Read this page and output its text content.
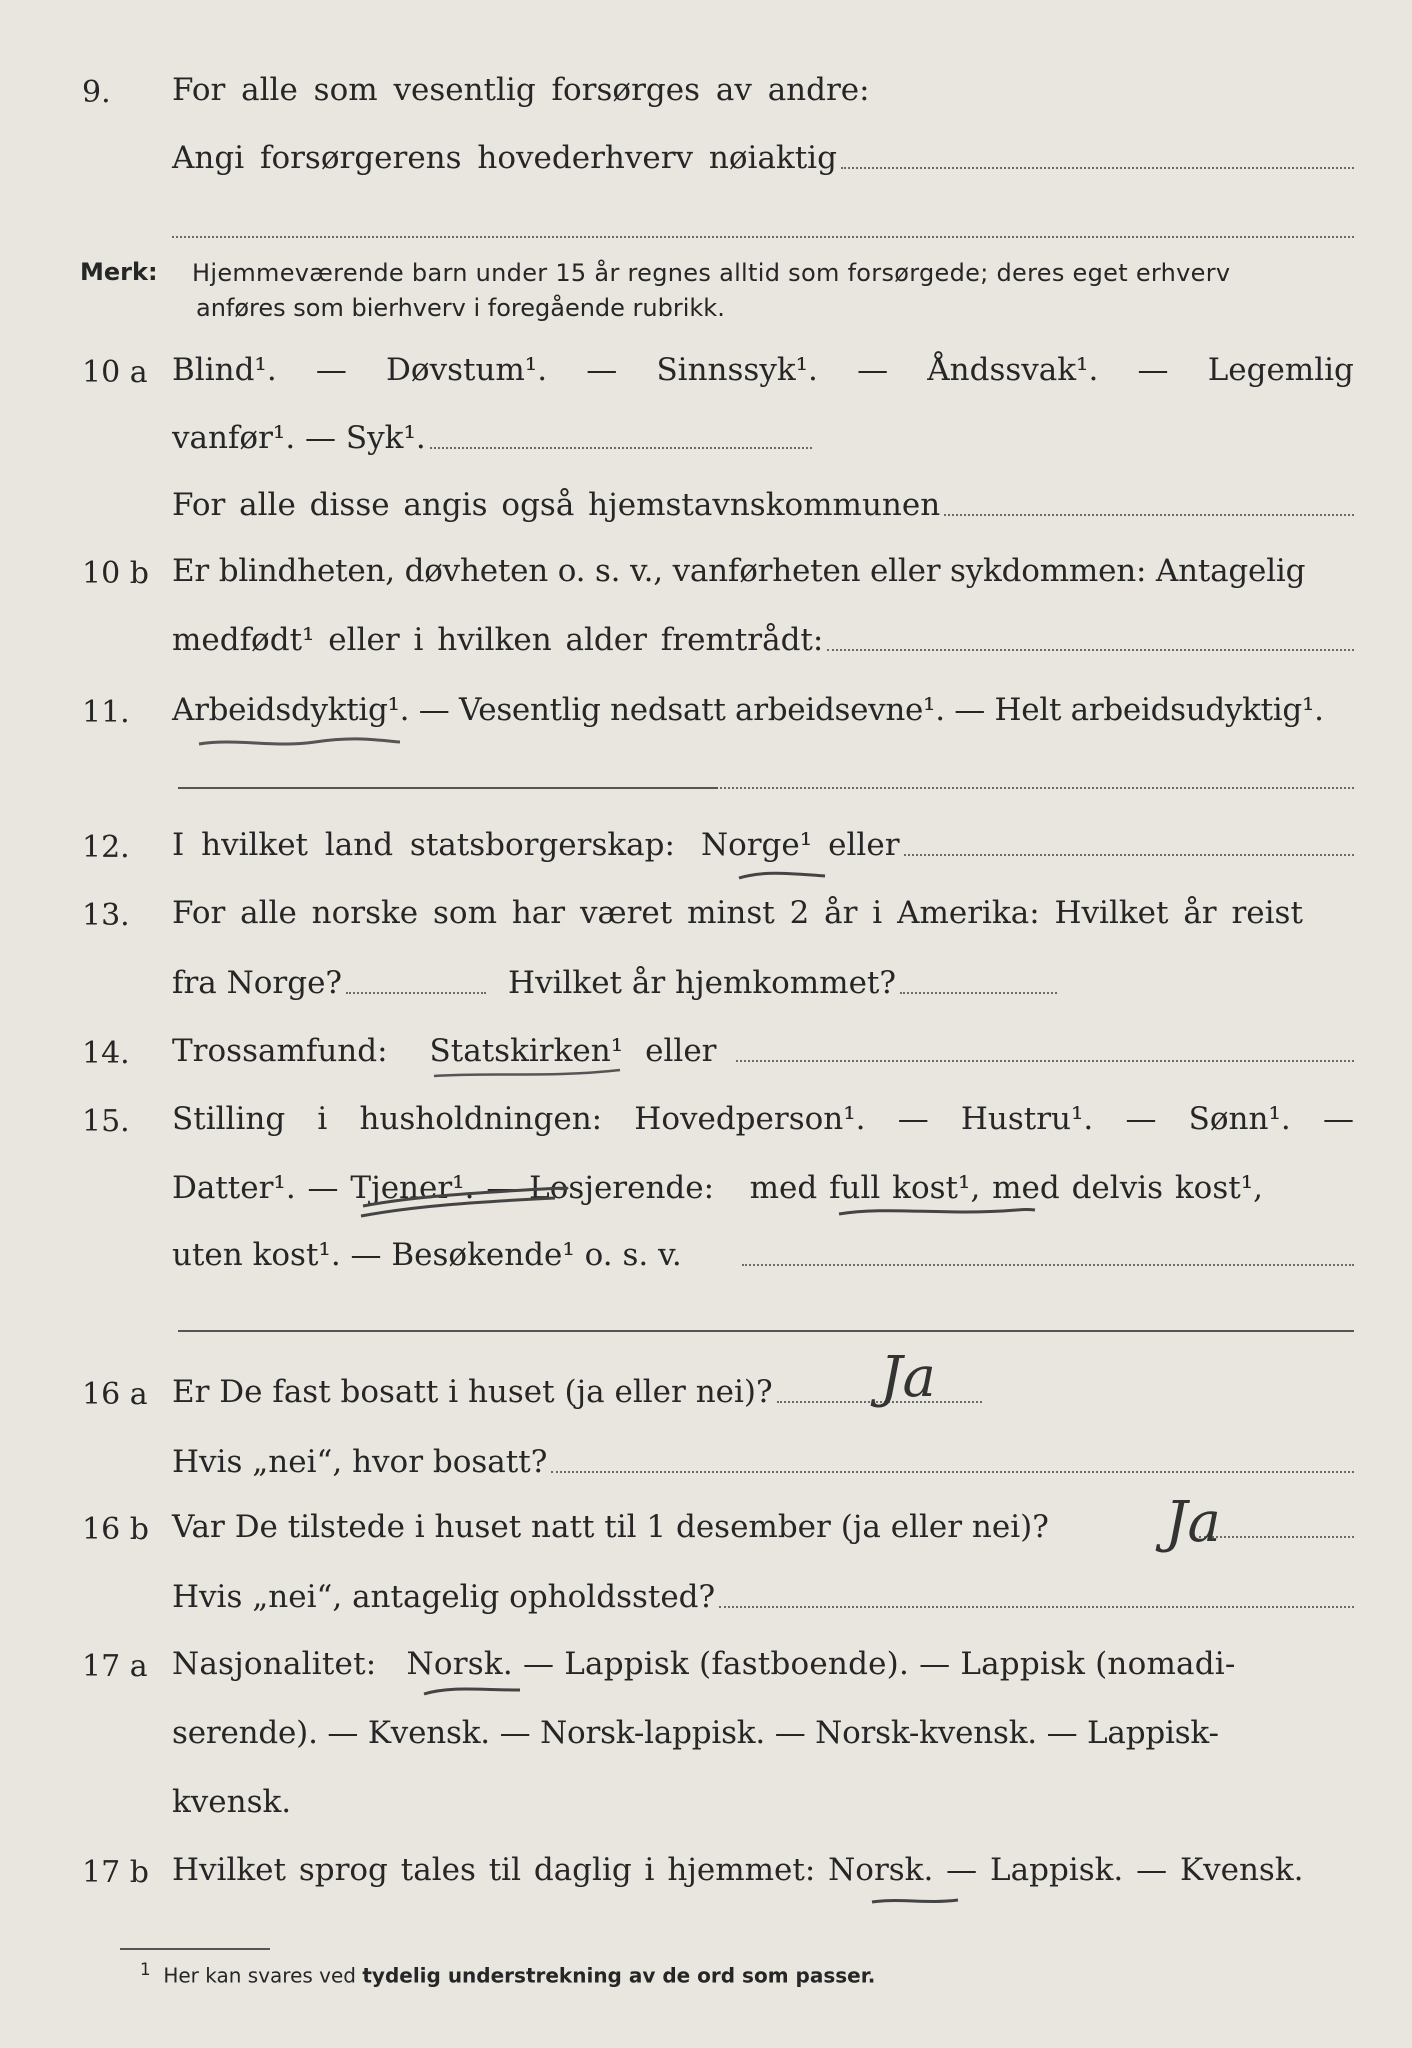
9.	For alle som vesentlig forsørges av andre:
Angi forsørgerens hovederhverv nøiaktig
Merk: Hjemmeværende barn under 15 år regnes alltid som forsørgede; deres eget erhverv
anføres som bierhverv i foregående rubrikk.
10 a Blind¹. — Døvstum¹. — Sinnssyk¹. — Åndssvak¹. — Legemlig
vanfør¹. — Syk¹.
For alle disse angis også hjemstavnskommunen
10 b Er blindheten, døvheten o. s. v., vanførheten eller sykdommen: Antagelig
medfødt¹ eller i hvilken alder fremtrådt:
11.	Arbeidsdyktig¹. — Vesentlig nedsatt arbeidsevne¹. — Helt arbeidsudyktig¹.
12.	I hvilket land statsborgerskap: Norge¹ eller
13.	For alle norske som har været minst 2 år i Amerika: Hvilket år reist
fra Norge?	Hvilket år hjemkommet?
14.	Trossamfund: Statskirken¹ eller
15.	Stilling i husholdningen: Hovedperson¹. — Hustru¹. — Sønn¹. —
Datter¹. — Tjener¹. — Losjerende: med full kost¹, med delvis kost¹,
uten kost¹. — Besøkende¹ o. s. v.
16 a Er De fast bosatt i huset (ja eller nei)? Ja
Hvis „nei“, hvor bosatt?
16 b Var De tilstede i huset natt til 1 desember (ja eller nei)? Ja
Hvis „nei“, antagelig opholdssted?
17 a Nasjonalitet: Norsk. — Lappisk (fastboende). — Lappisk (nomadi-
serende). — Kvensk. — Norsk-lappisk. — Norsk-kvensk. — Lappisk-
kvensk.
17 b Hvilket sprog tales til daglig i hjemmet: Norsk. — Lappisk. — Kvensk.
$^1$ Her kan svares ved tydelig understrekning av de ord som passer.
